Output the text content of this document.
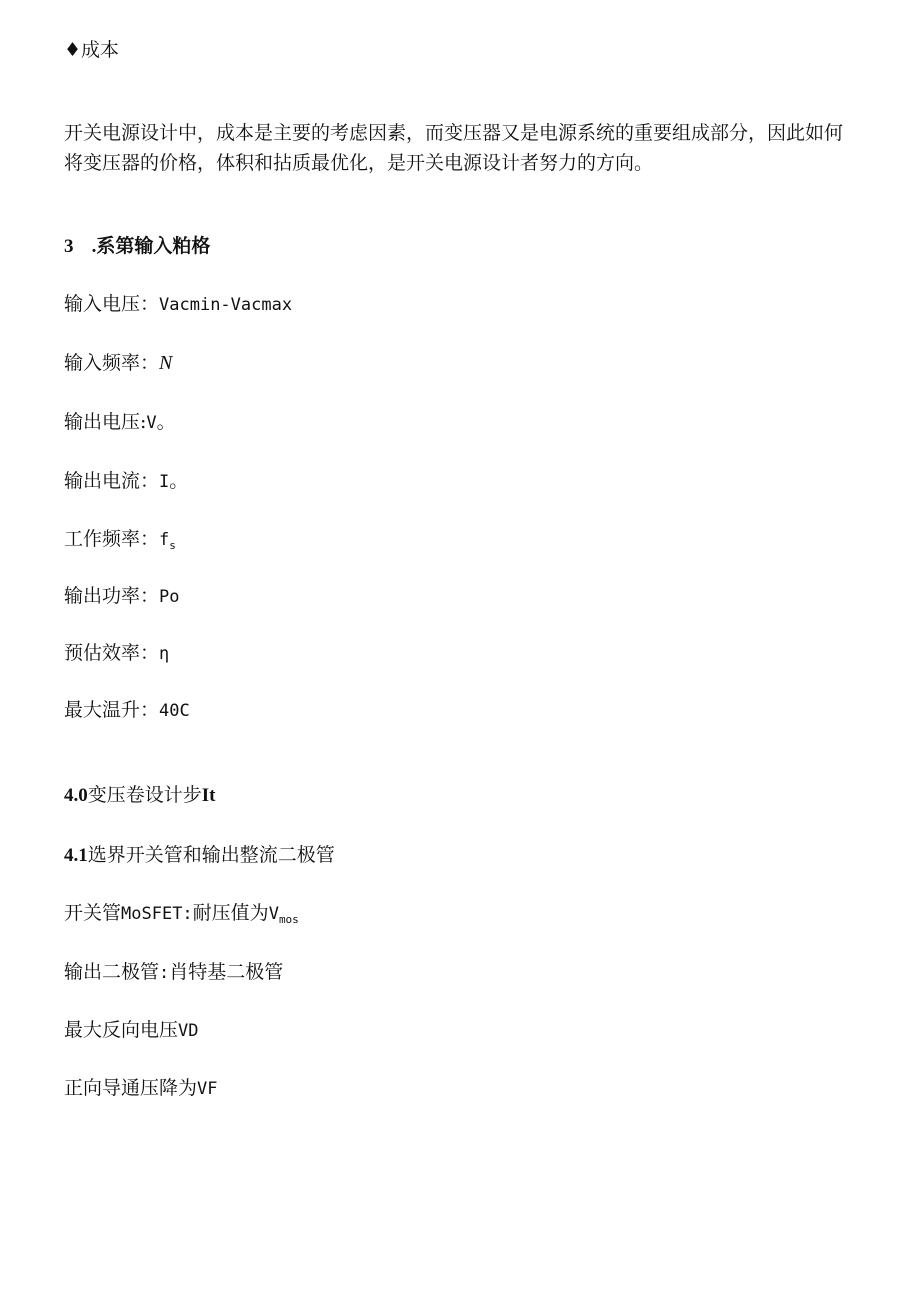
♦成本
开关电源设计中，成本是主要的考虑因素，而变压器又是电源系统的重要组成部分，因此如何将变压器的价格，体积和拈质最优化，是开关电源设计者努力的方向。
3 .系第输入粕格
输入电压：Vacmin-Vacmax
输入频率：N
输出电压:V。
输出电流：I。
工作频率：$f_s$
输出功率：Po
预估效率：η
最大温升：40C
4.0变压卷设计步It
4.1选界开关管和输出整流二极管
开关管MoSFET:耐压值为$V_{mos}$
输出二极管:肖特基二极管
最大反向电压VD
正向导通压降为VF
